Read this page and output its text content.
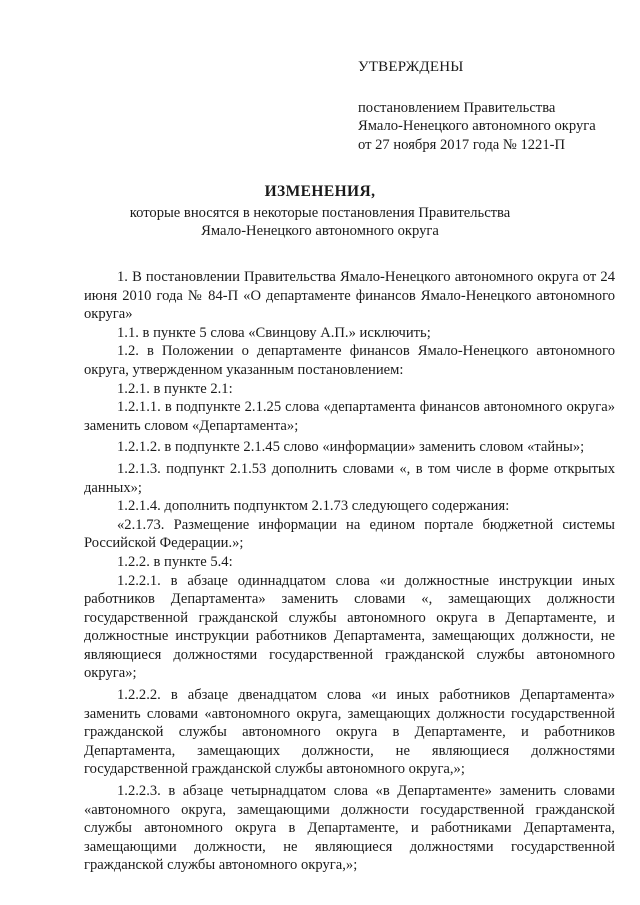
УТВЕРЖДЕНЫ
постановлением Правительства
Ямало-Ненецкого автономного округа
от 27 ноября 2017 года № 1221-П
ИЗМЕНЕНИЯ,
которые вносятся в некоторые постановления Правительства
Ямало-Ненецкого автономного округа

1. В постановлении Правительства Ямало-Ненецкого автономного округа от 24 июня 2010 года № 84-П «О департаменте финансов Ямало-Ненецкого автономного округа»

1.1. в пункте 5 слова «Свинцову А.П.» исключить;

1.2. в Положении о департаменте финансов Ямало-Ненецкого автономного округа, утвержденном указанным постановлением:

1.2.1. в пункте 2.1:

1.2.1.1. в подпункте 2.1.25 слова «департамента финансов автономного округа» заменить словом «Департамента»;

1.2.1.2. в подпункте 2.1.45 слово «информации» заменить словом «тайны»;

1.2.1.3. подпункт 2.1.53 дополнить словами «, в том числе в форме открытых данных»;

1.2.1.4. дополнить подпунктом 2.1.73 следующего содержания:

«2.1.73. Размещение информации на едином портале бюджетной системы Российской Федерации.»;

1.2.2. в пункте 5.4:

1.2.2.1. в абзаце одиннадцатом слова «и должностные инструкции иных работников Департамента» заменить словами «, замещающих должности государственной гражданской службы автономного округа в Департаменте, и должностные инструкции работников Департамента, замещающих должности, не являющиеся должностями государственной гражданской службы автономного округа»;

1.2.2.2. в абзаце двенадцатом слова «и иных работников Департамента» заменить словами «автономного округа, замещающих должности государственной гражданской службы автономного округа в Департаменте, и работников Департамента, замещающих должности, не являющиеся должностями государственной гражданской службы автономного округа,»;

1.2.2.3. в абзаце четырнадцатом слова «в Департаменте» заменить словами «автономного округа, замещающими должности государственной гражданской службы автономного округа в Департаменте, и работниками Департамента, замещающими должности, не являющиеся должностями государственной гражданской службы автономного округа,»;
